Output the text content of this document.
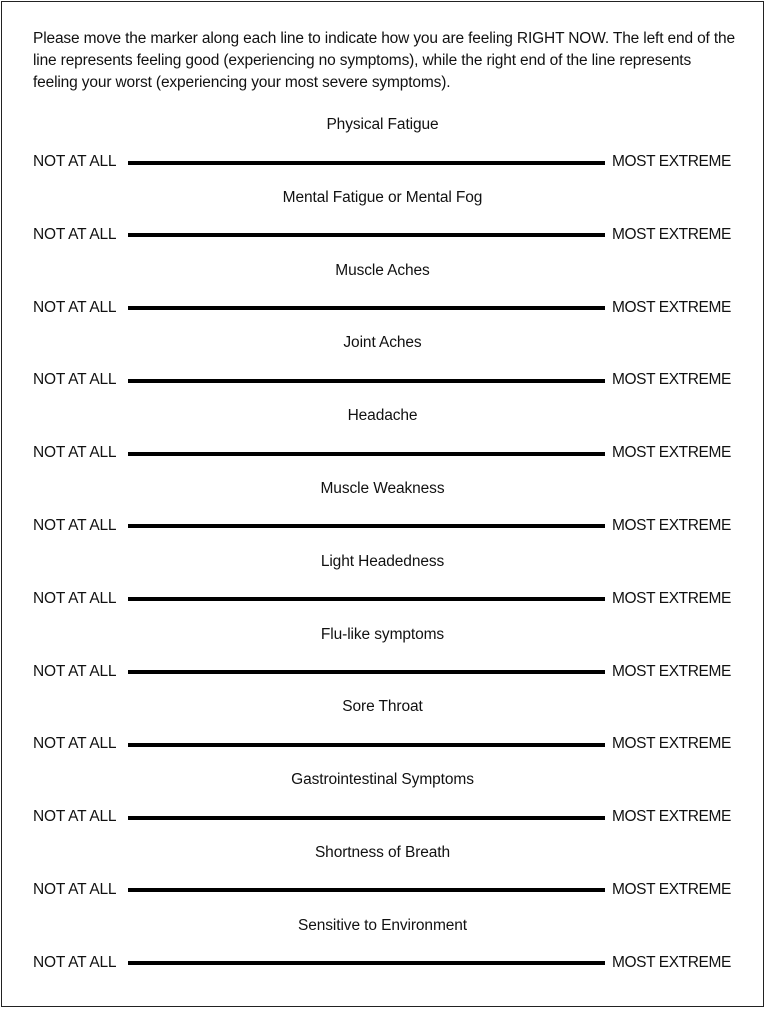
Please move the marker along each line to indicate how you are feeling RIGHT NOW. The left end of the line represents feeling good (experiencing no symptoms), while the right end of the line represents feeling your worst (experiencing your most severe symptoms).

Physical Fatigue
NOT AT ALL	MOST EXTREME
Mental Fatigue or Mental Fog
NOT AT ALL	MOST EXTREME
Muscle Aches
NOT AT ALL	MOST EXTREME
Joint Aches
NOT AT ALL	MOST EXTREME
Headache
NOT AT ALL	MOST EXTREME
Muscle Weakness
NOT AT ALL	MOST EXTREME
Light Headedness
NOT AT ALL	MOST EXTREME
Flu-like symptoms
NOT AT ALL	MOST EXTREME
Sore Throat
NOT AT ALL	MOST EXTREME
Gastrointestinal Symptoms
NOT AT ALL	MOST EXTREME
Shortness of Breath
NOT AT ALL	MOST EXTREME
Sensitive to Environment
NOT AT ALL	MOST EXTREME
